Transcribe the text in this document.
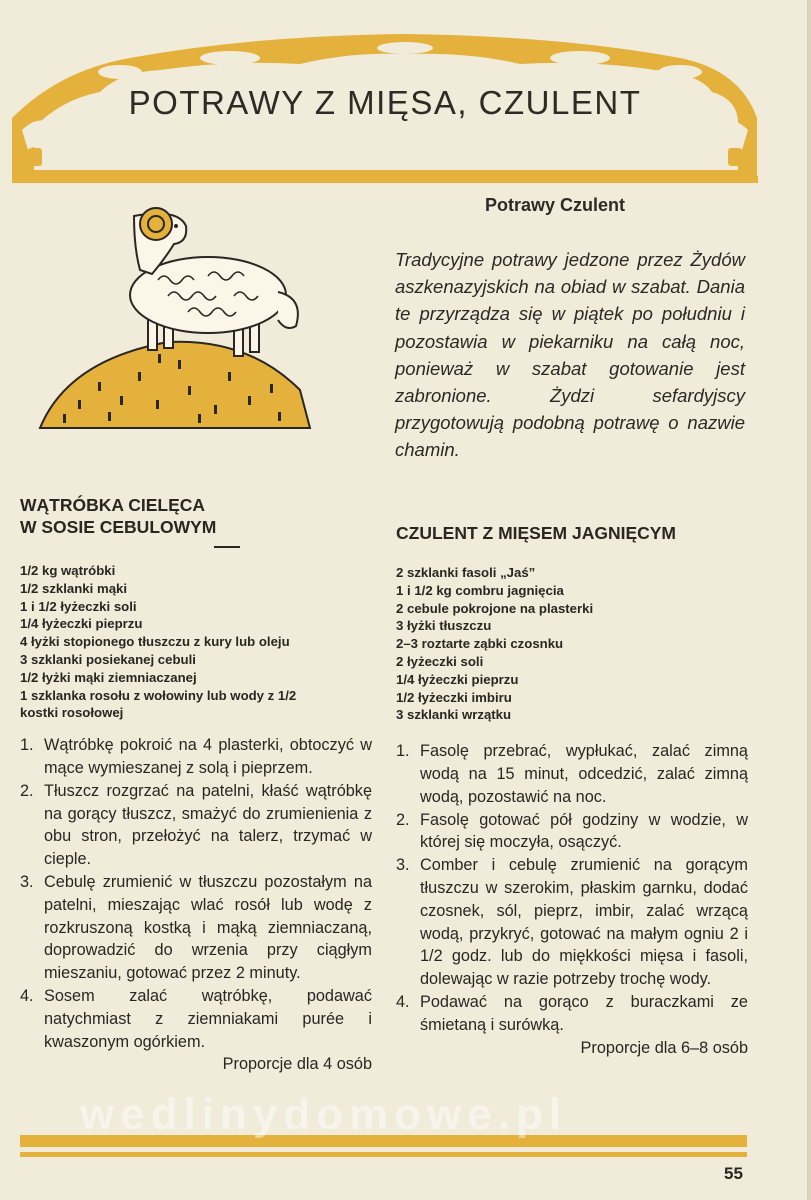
POTRAWY Z MIĘSA, CZULENT
Potrawy Czulent

Tradycyjne potrawy jedzone przez Żydów aszkenazyjskich na obiad w szabat. Dania te przyrządza się w piątek po południu i pozostawia w piekarniku na całą noc, ponieważ w szabat gotowanie jest zabronione. Żydzi sefardyjscy przygotowują podobną potrawę o nazwie chamin.

WĄTRÓBKA CIELĘCA
W SOSIE CEBULOWYM
1/2 kg wątróbki
1/2 szklanki mąki
1 i 1/2 łyżeczki soli
1/4 łyżeczki pieprzu
4 łyżki stopionego tłuszczu z kury lub oleju
3 szklanki posiekanej cebuli
1/2 łyżki mąki ziemniaczanej
1 szklanka rosołu z wołowiny lub wody z 1/2
kostki rosołowej
1. Wątróbkę pokroić na 4 plasterki, obtoczyć w mące wymieszanej z solą i pieprzem.
2. Tłuszcz rozgrzać na patelni, kłaść wątróbkę na gorący tłuszcz, smażyć do zrumienienia z obu stron, przełożyć na talerz, trzymać w cieple.
3. Cebulę zrumienić w tłuszczu pozostałym na patelni, mieszając wlać rosół lub wodę z rozkruszoną kostką i mąką ziemniaczaną, doprowadzić do wrzenia przy ciągłym mieszaniu, gotować przez 2 minuty.
4. Sosem zalać wątróbkę, podawać natychmiast z ziemniakami purée i kwaszonym ogórkiem.
Proporcje dla 4 osób
CZULENT Z MIĘSEM JAGNIĘCYM
2 szklanki fasoli „Jaś”
1 i 1/2 kg combru jagnięcia
2 cebule pokrojone na plasterki
3 łyżki tłuszczu
2–3 roztarte ząbki czosnku
2 łyżeczki soli
1/4 łyżeczki pieprzu
1/2 łyżeczki imbiru
3 szklanki wrzątku
1. Fasolę przebrać, wypłukać, zalać zimną wodą na 15 minut, odcedzić, zalać zimną wodą, pozostawić na noc.
2. Fasolę gotować pół godziny w wodzie, w której się moczyła, osączyć.
3. Comber i cebulę zrumienić na gorącym tłuszczu w szerokim, płaskim garnku, dodać czosnek, sól, pieprz, imbir, zalać wrzącą wodą, przykryć, gotować na małym ogniu 2 i 1/2 godz. lub do miękkości mięsa i fasoli, dolewając w razie potrzeby trochę wody.
4. Podawać na gorąco z buraczkami ze śmietaną i surówką.
Proporcje dla 6–8 osób
wedlinydomowe.pl
55
